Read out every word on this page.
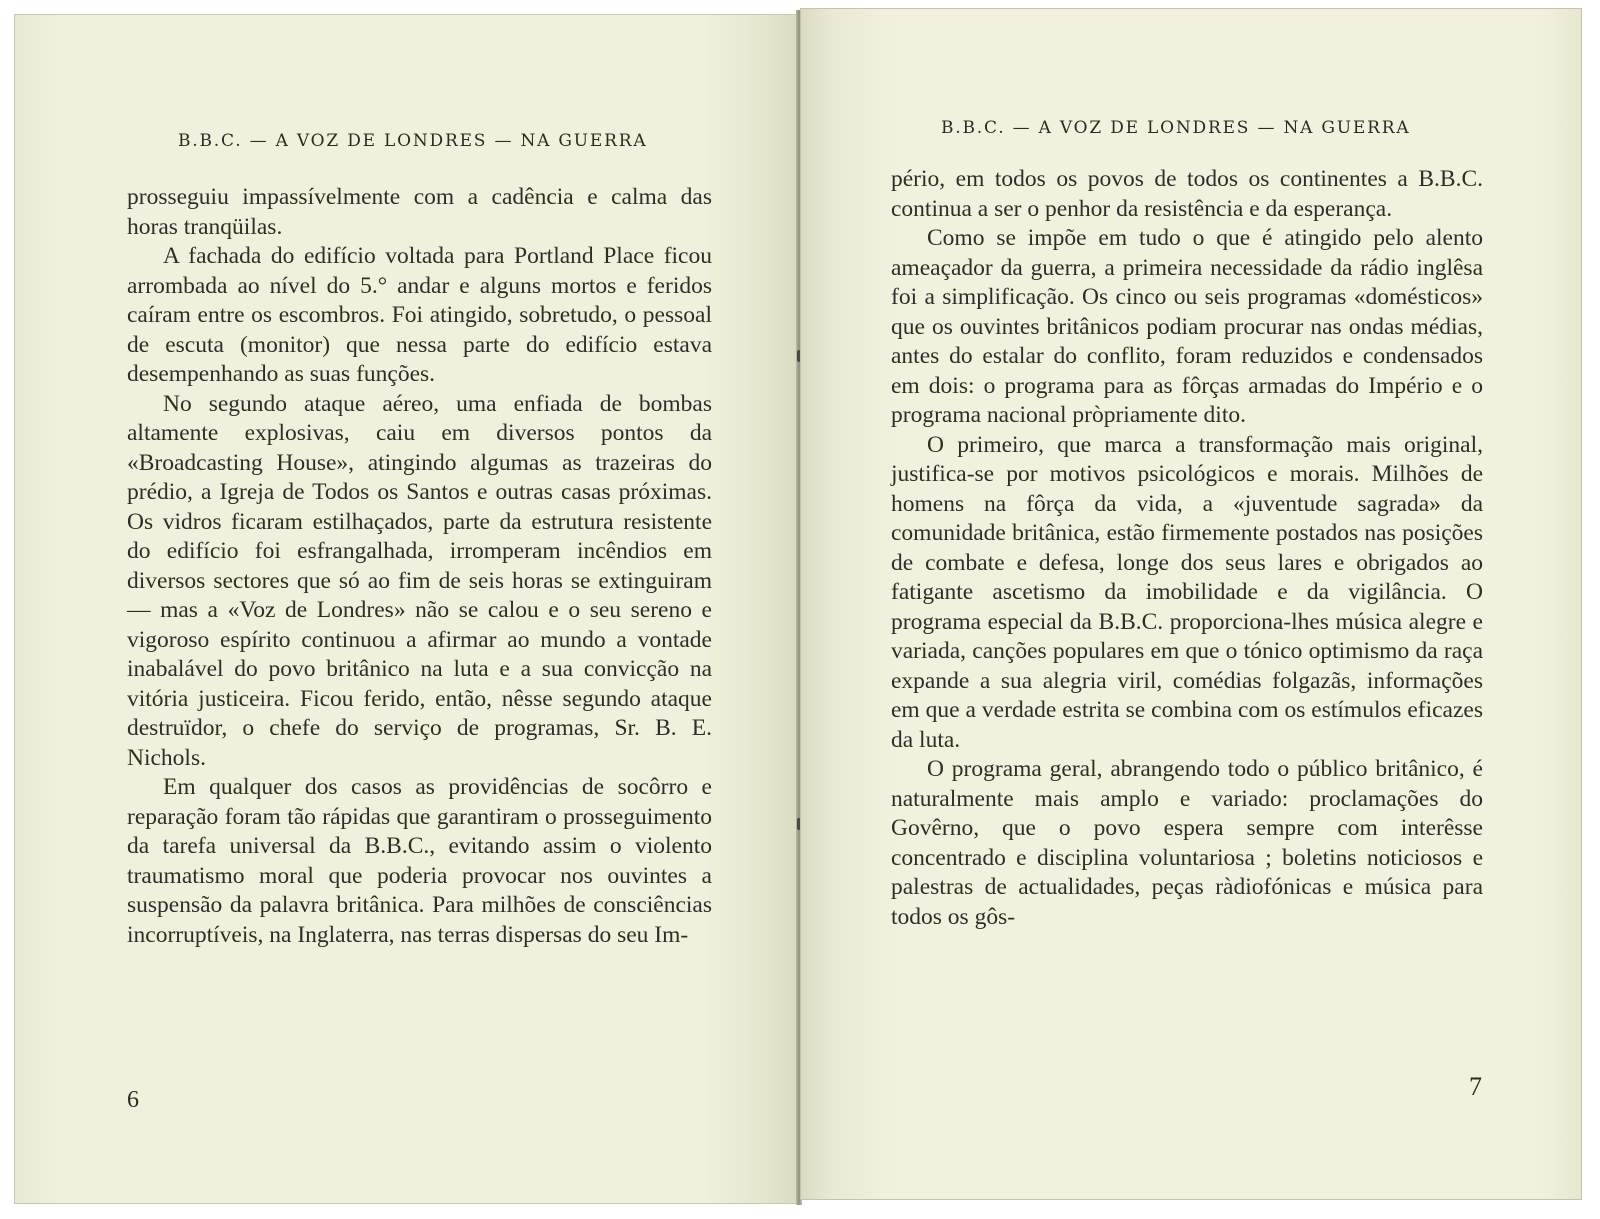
B.B.C. — A VOZ DE LONDRES — NA GUERRA

prosseguiu impassívelmente com a cadência e calma das horas tranqüilas.

A fachada do edifício voltada para Portland Place ficou arrombada ao nível do 5.° andar e alguns mortos e feridos caíram entre os escombros. Foi atingido, sobretudo, o pessoal de escuta (monitor) que nessa parte do edifício estava desempenhando as suas funções.

No segundo ataque aéreo, uma enfiada de bombas altamente explosivas, caiu em diversos pontos da «Broadcasting House», atingindo algumas as trazeiras do prédio, a Igreja de Todos os Santos e outras casas próximas. Os vidros ficaram estilhaçados, parte da estrutura resistente do edifício foi esfrangalhada, irromperam incêndios em diversos sectores que só ao fim de seis horas se extinguiram — mas a «Voz de Londres» não se calou e o seu sereno e vigoroso espírito continuou a afirmar ao mundo a vontade inabalável do povo britânico na luta e a sua convicção na vitória justiceira. Ficou ferido, então, nêsse segundo ataque destruïdor, o chefe do serviço de programas, Sr. B. E. Nichols.

Em qualquer dos casos as providências de socôrro e reparação foram tão rápidas que garantiram o prosseguimento da tarefa universal da B.B.C., evitando assim o violento traumatismo moral que poderia provocar nos ouvintes a suspensão da palavra britânica. Para milhões de consciências incorruptíveis, na Inglaterra, nas terras dispersas do seu Im-

6
B.B.C. — A VOZ DE LONDRES — NA GUERRA

pério, em todos os povos de todos os continentes a B.B.C. continua a ser o penhor da resistência e da esperança.

Como se impõe em tudo o que é atingido pelo alento ameaçador da guerra, a primeira necessidade da rádio inglêsa foi a simplificação. Os cinco ou seis programas «domésticos» que os ouvintes britânicos podiam procurar nas ondas médias, antes do estalar do conflito, foram reduzidos e condensados em dois: o programa para as fôrças armadas do Império e o programa nacional pròpriamente dito.

O primeiro, que marca a transformação mais original, justifica-se por motivos psicológicos e morais. Milhões de homens na fôrça da vida, a «juventude sagrada» da comunidade britânica, estão firmemente postados nas posições de combate e defesa, longe dos seus lares e obrigados ao fatigante ascetismo da imobilidade e da vigilância. O programa especial da B.B.C. proporciona-lhes música alegre e variada, canções populares em que o tónico optimismo da raça expande a sua alegria viril, comédias folgazãs, informações em que a verdade estrita se combina com os estímulos eficazes da luta.

O programa geral, abrangendo todo o público britânico, é naturalmente mais amplo e variado: proclamações do Govêrno, que o povo espera sempre com interêsse concentrado e disciplina voluntariosa ; boletins noticiosos e palestras de actualidades, peças ràdiofónicas e música para todos os gôs-

7
